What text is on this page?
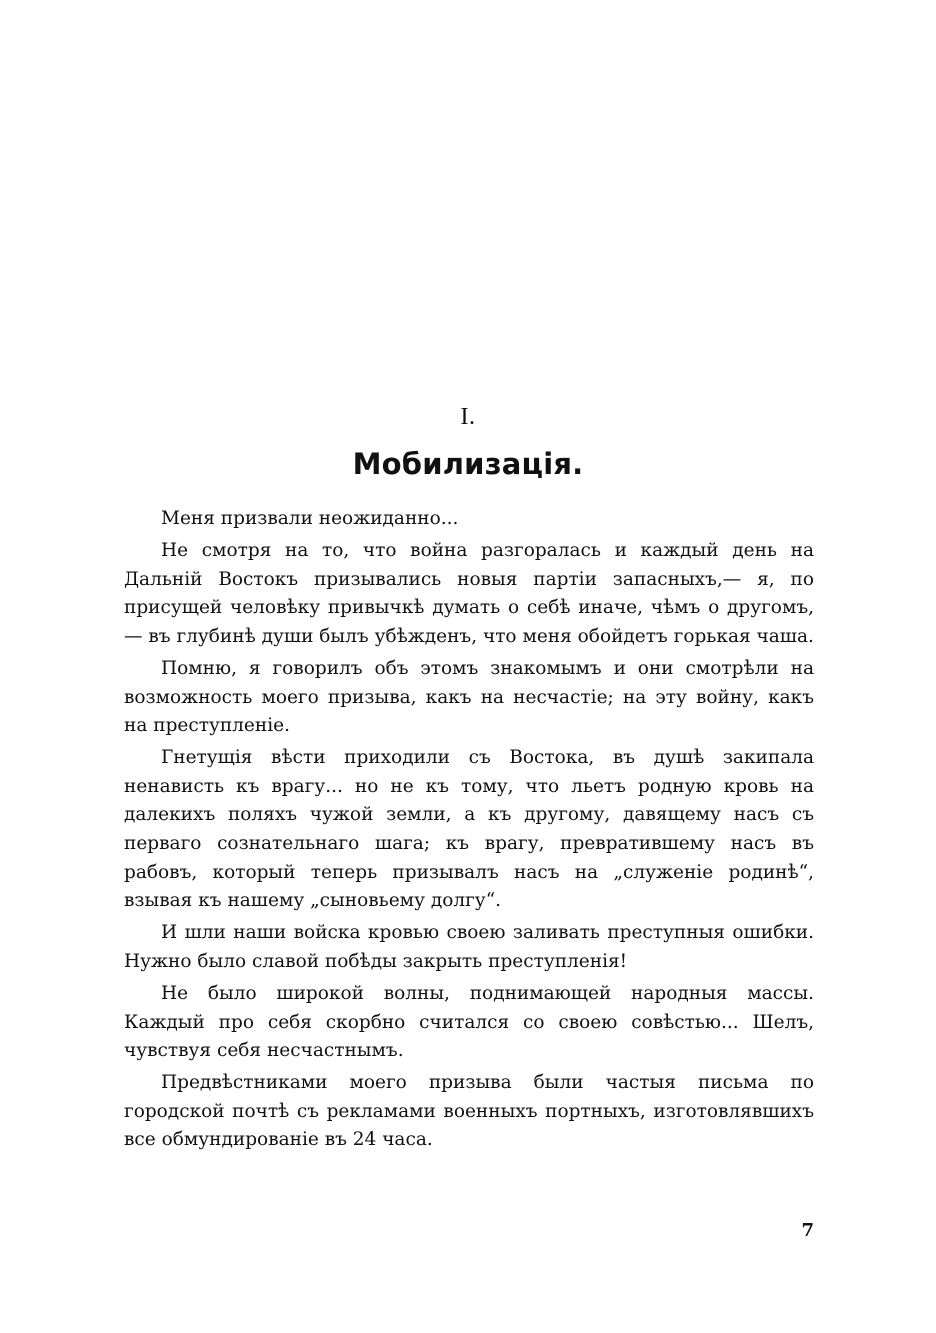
I.
Мобилизація.

Меня призвали неожиданно...

Не смотря на то, что война разгоралась и каждый день на Дальній Востокъ призывались новыя партіи запасныхъ,— я, по присущей человѣку привычкѣ думать о себѣ иначе, чѣмъ о другомъ, — въ глубинѣ души былъ убѣжденъ, что меня обойдетъ горькая чаша.

Помню, я говорилъ объ этомъ знакомымъ и они смотрѣли на возможность моего призыва, какъ на несчастіе; на эту войну, какъ на преступленіе.

Гнетущія вѣсти приходили съ Востока, въ душѣ закипала ненависть къ врагу... но не къ тому, что льетъ родную кровь на далекихъ поляхъ чужой земли, а къ другому, давящему насъ съ перваго сознательнаго шага; къ врагу, превратившему насъ въ рабовъ, который теперь призывалъ насъ на „служеніе родинѣ“, взывая къ нашему „сыновьему долгу“.

И шли наши войска кровью своею заливать преступныя ошибки. Нужно было славой побѣды закрыть преступленія!

Не было широкой волны, поднимающей народныя массы. Каждый про себя скорбно считался со своею совѣстью... Шелъ, чувствуя себя несчастнымъ.

Предвѣстниками моего призыва были частыя письма по городской почтѣ съ рекламами военныхъ портныхъ, изготовлявшихъ все обмундированіе въ 24 часа.

7
